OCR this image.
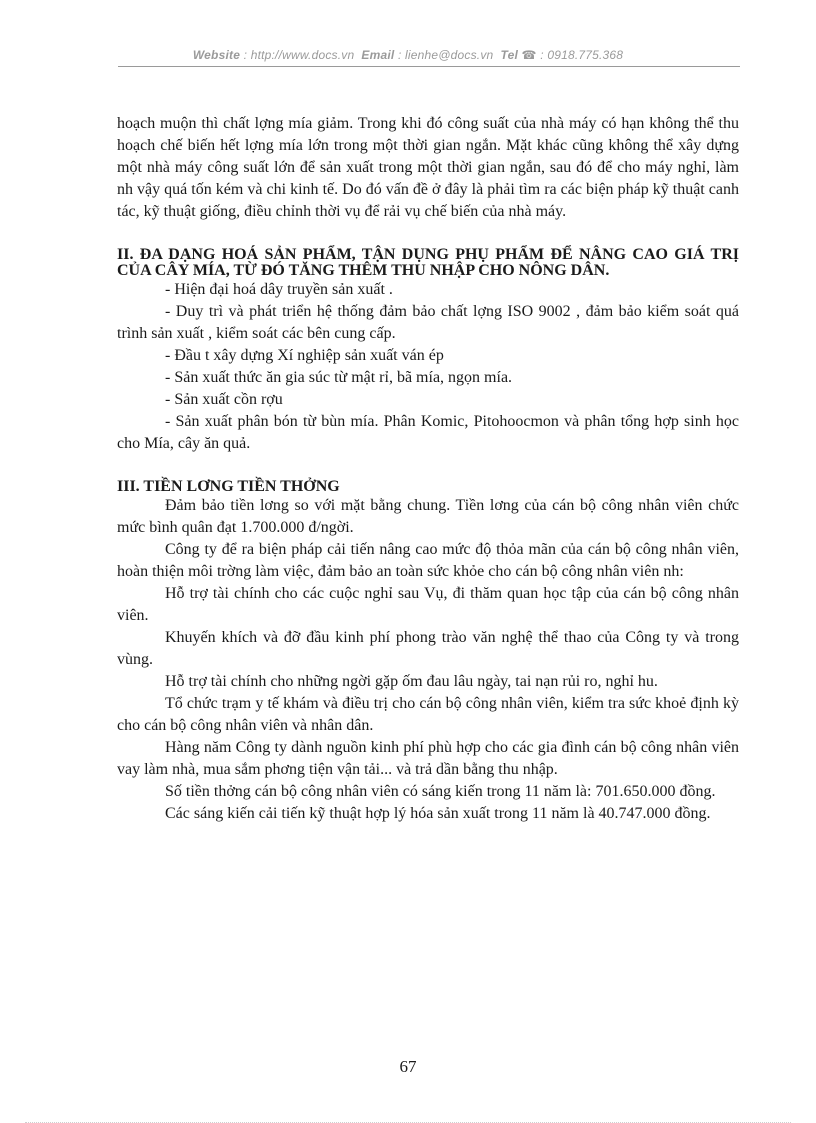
Website : http://www.docs.vn Email : lienhe@docs.vn Tel ☎ : 0918.775.368

hoạch muộn thì chất lợng mía giảm. Trong khi đó công suất của nhà máy có hạn không thể thu hoạch chế biến hết lợng mía lớn trong một thời gian ngắn. Mặt khác cũng không thể xây dựng một nhà máy công suất lớn để sản xuất trong một thời gian ngắn, sau đó để cho máy nghỉ, làm nh vậy quá tốn kém và chi kinh tế. Do đó vấn đề ở đây là phải tìm ra các biện pháp kỹ thuật canh tác, kỹ thuật giống, điều chỉnh thời vụ để rải vụ chế biến của nhà máy.

II. ĐA DẠNG HOÁ SẢN PHẨM, TẬN DỤNG PHỤ PHẨM ĐỂ NÂNG CAO GIÁ TRỊ CỦA CÂY MÍA, TỪ ĐÓ TĂNG THÊM THU NHẬP CHO NÔNG DÂN.

- Hiện đại hoá dây truyền sản xuất .

- Duy trì và phát triển hệ thống đảm bảo chất lợng ISO 9002 , đảm bảo kiểm soát quá trình sản xuất , kiểm soát các bên cung cấp.

- Đầu t xây dựng Xí nghiệp sản xuất ván ép

- Sản xuất thức ăn gia súc từ mật rỉ, bã mía, ngọn mía.

- Sản xuất cồn rợu

- Sản xuất phân bón từ bùn mía. Phân Komic, Pitohoocmon và phân tổng hợp sinh học cho Mía, cây ăn quả.

III. TIỀN LƠNG TIỀN THỞNG

Đảm bảo tiền lơng so với mặt bằng chung. Tiền lơng của cán bộ công nhân viên chức mức bình quân đạt 1.700.000 đ/ngời.

Công ty để ra biện pháp cải tiến nâng cao mức độ thỏa mãn của cán bộ công nhân viên, hoàn thiện môi trờng làm việc, đảm bảo an toàn sức khỏe cho cán bộ công nhân viên nh:

Hỗ trợ tài chính cho các cuộc nghỉ sau Vụ, đi thăm quan học tập của cán bộ công nhân viên.

Khuyến khích và đỡ đầu kinh phí phong trào văn nghệ thể thao của Công ty và trong vùng.

Hỗ trợ tài chính cho những ngời gặp ốm đau lâu ngày, tai nạn rủi ro, nghỉ hu.

Tổ chức trạm y tế khám và điều trị cho cán bộ công nhân viên, kiểm tra sức khoẻ định kỳ cho cán bộ công nhân viên và nhân dân.

Hàng năm Công ty dành nguồn kinh phí phù hợp cho các gia đình cán bộ công nhân viên vay làm nhà, mua sắm phơng tiện vận tải... và trả dần bằng thu nhập.

Số tiền thởng cán bộ công nhân viên có sáng kiến trong 11 năm là: 701.650.000 đồng.

Các sáng kiến cải tiến kỹ thuật hợp lý hóa sản xuất trong 11 năm là 40.747.000 đồng.

67
